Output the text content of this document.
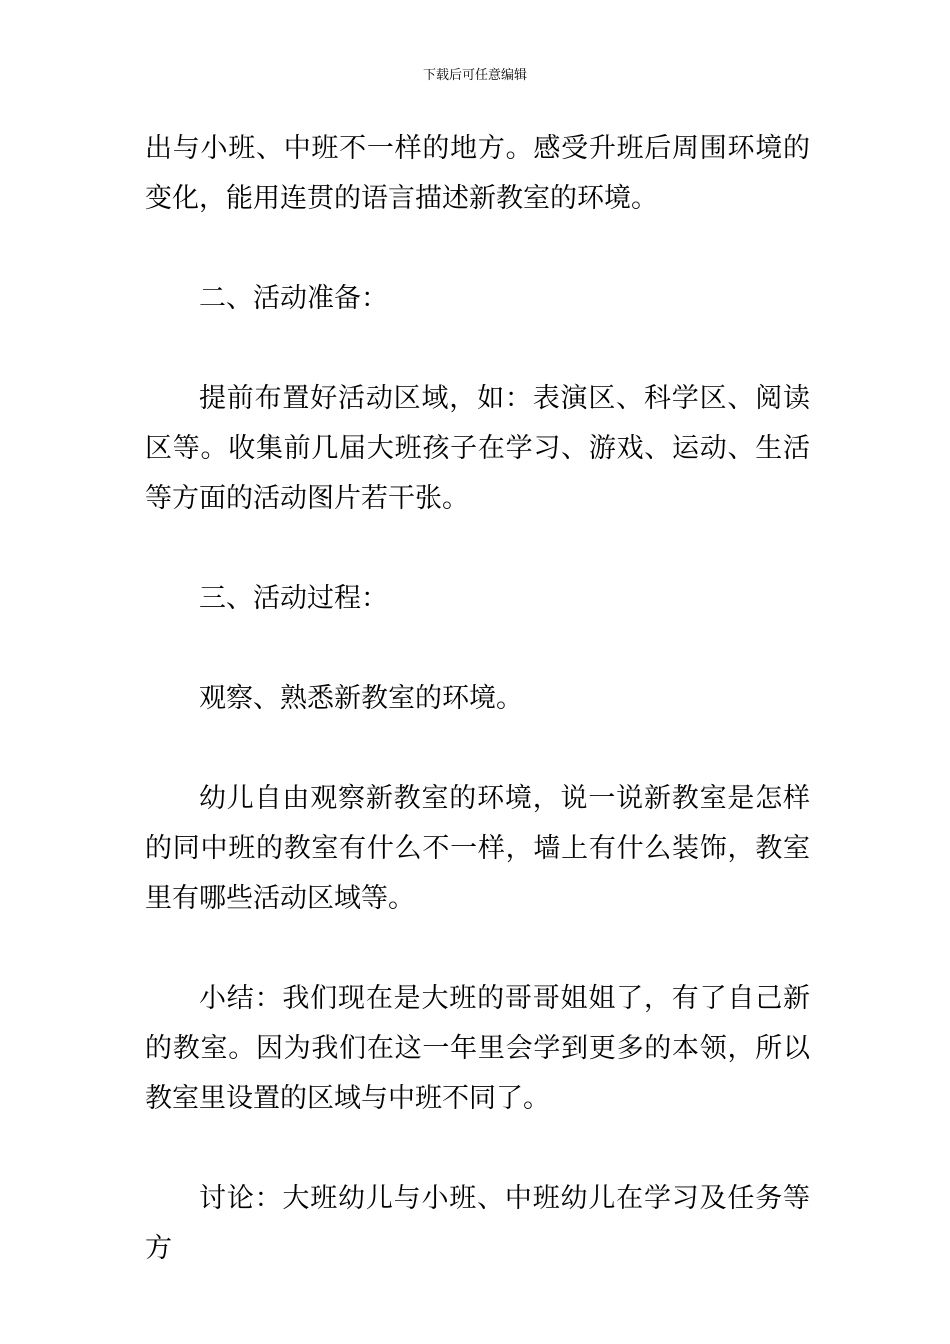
下载后可任意编辑

出与小班、中班不一样的地方。感受升班后周围环境的变化，能用连贯的语言描述新教室的环境。

二、活动准备：

提前布置好活动区域，如：表演区、科学区、阅读区等。收集前几届大班孩子在学习、游戏、运动、生活等方面的活动图片若干张。

三、活动过程：

观察、熟悉新教室的环境。

幼儿自由观察新教室的环境，说一说新教室是怎样的同中班的教室有什么不一样，墙上有什么装饰，教室里有哪些活动区域等。

小结：我们现在是大班的哥哥姐姐了，有了自己新的教室。因为我们在这一年里会学到更多的本领，所以教室里设置的区域与中班不同了。

讨论：大班幼儿与小班、中班幼儿在学习及任务等方
